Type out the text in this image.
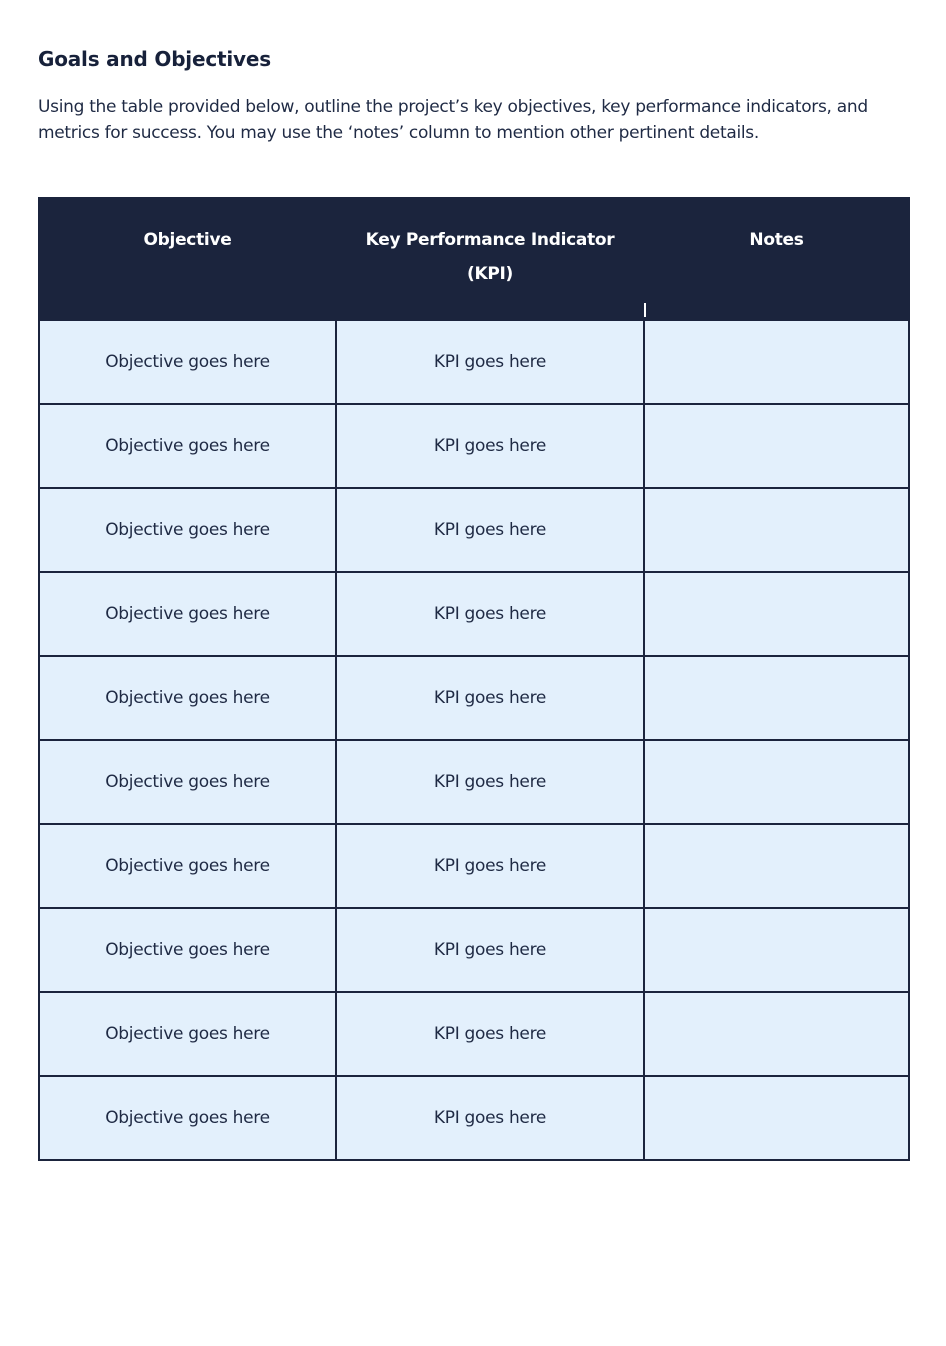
Goals and Objectives

Using the table provided below, outline the project’s key objectives, key performance indicators, and metrics for success. You may use the ‘notes’ column to mention other pertinent details.

Objective	Key Performance Indicator (KPI)	Notes
Objective goes here	KPI goes here	
Objective goes here	KPI goes here	
Objective goes here	KPI goes here	
Objective goes here	KPI goes here	
Objective goes here	KPI goes here	
Objective goes here	KPI goes here	
Objective goes here	KPI goes here	
Objective goes here	KPI goes here	
Objective goes here	KPI goes here	
Objective goes here	KPI goes here	
